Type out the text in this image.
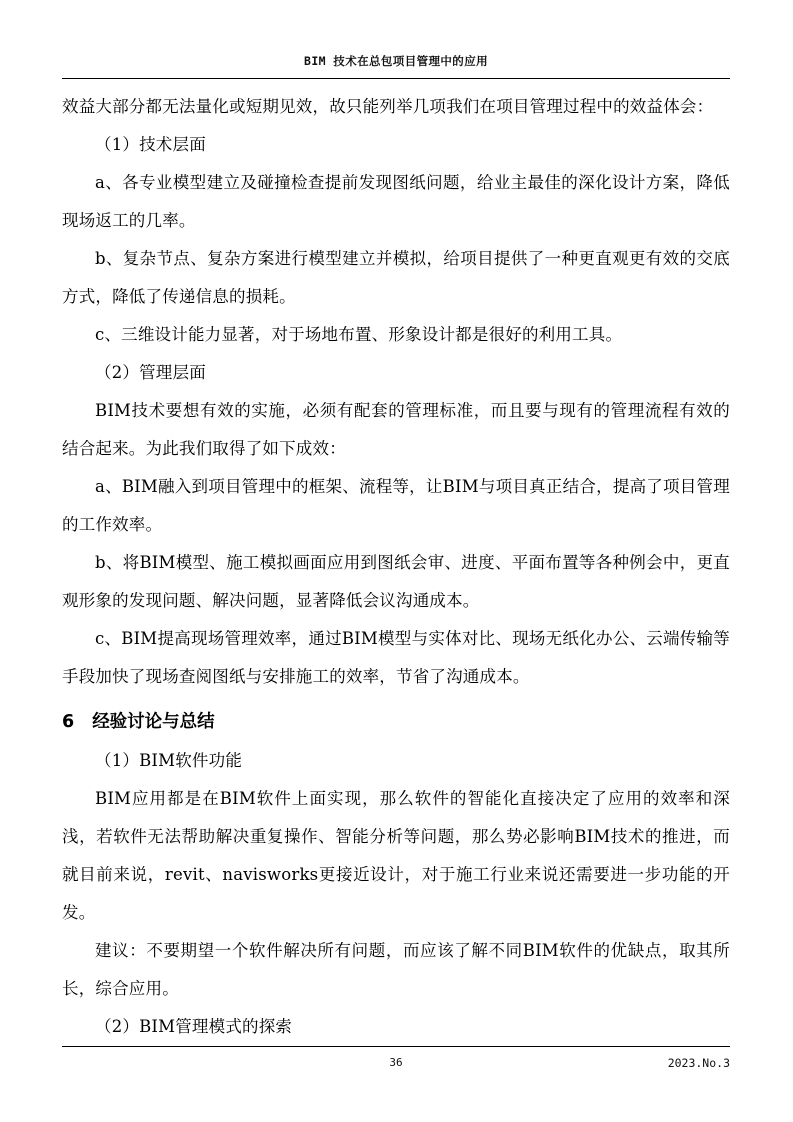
BIM 技术在总包项目管理中的应用

效益大部分都无法量化或短期见效，故只能列举几项我们在项目管理过程中的效益体会：

（1）技术层面

a、各专业模型建立及碰撞检查提前发现图纸问题，给业主最佳的深化设计方案，降低现场返工的几率。

b、复杂节点、复杂方案进行模型建立并模拟，给项目提供了一种更直观更有效的交底方式，降低了传递信息的损耗。

c、三维设计能力显著，对于场地布置、形象设计都是很好的利用工具。

（2）管理层面

BIM技术要想有效的实施，必须有配套的管理标准，而且要与现有的管理流程有效的结合起来。为此我们取得了如下成效：

a、BIM融入到项目管理中的框架、流程等，让BIM与项目真正结合，提高了项目管理的工作效率。

b、将BIM模型、施工模拟画面应用到图纸会审、进度、平面布置等各种例会中，更直观形象的发现问题、解决问题，显著降低会议沟通成本。

c、BIM提高现场管理效率，通过BIM模型与实体对比、现场无纸化办公、云端传输等手段加快了现场查阅图纸与安排施工的效率，节省了沟通成本。

6 经验讨论与总结

（1）BIM软件功能

BIM应用都是在BIM软件上面实现，那么软件的智能化直接决定了应用的效率和深浅，若软件无法帮助解决重复操作、智能分析等问题，那么势必影响BIM技术的推进，而就目前来说，revit、navisworks更接近设计，对于施工行业来说还需要进一步功能的开发。

建议：不要期望一个软件解决所有问题，而应该了解不同BIM软件的优缺点，取其所长，综合应用。

（2）BIM管理模式的探索

36	2023.No.3
